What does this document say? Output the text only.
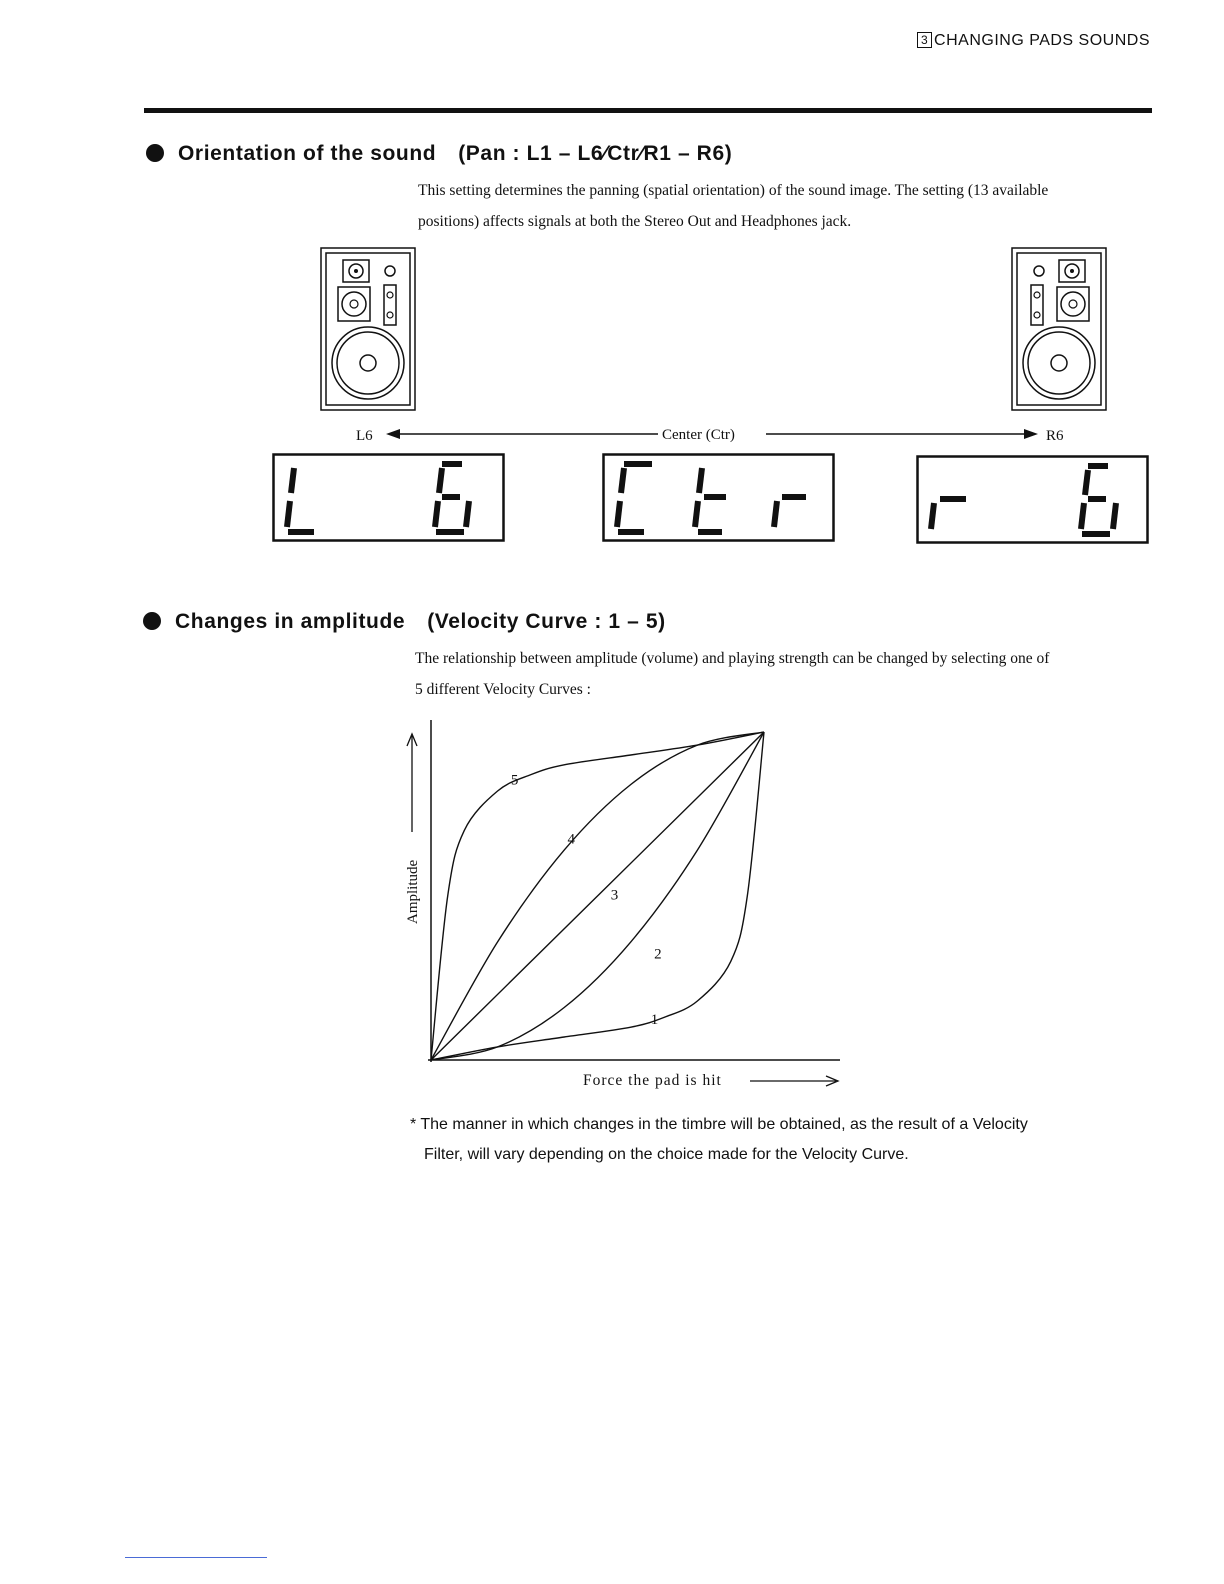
3 CHANGING PADS SOUNDS
Orientation of the sound (Pan : L1 – L6∕Ctr∕R1 – R6)
This setting determines the panning (spatial orientation) of the sound image. The setting (13 available
positions) affects signals at both the Stereo Out and Headphones jack.
L6	Center (Ctr)	R6
Changes in amplitude (Velocity Curve : 1 – 5)
The relationship between amplitude (volume) and playing strength can be changed by selecting one of
5 different Velocity Curves :
Amplitude
1
2
3
4
5
Force the pad is hit
* The manner in which changes in the timbre will be obtained, as the result of a Velocity
Filter, will vary depending on the choice made for the Velocity Curve.
